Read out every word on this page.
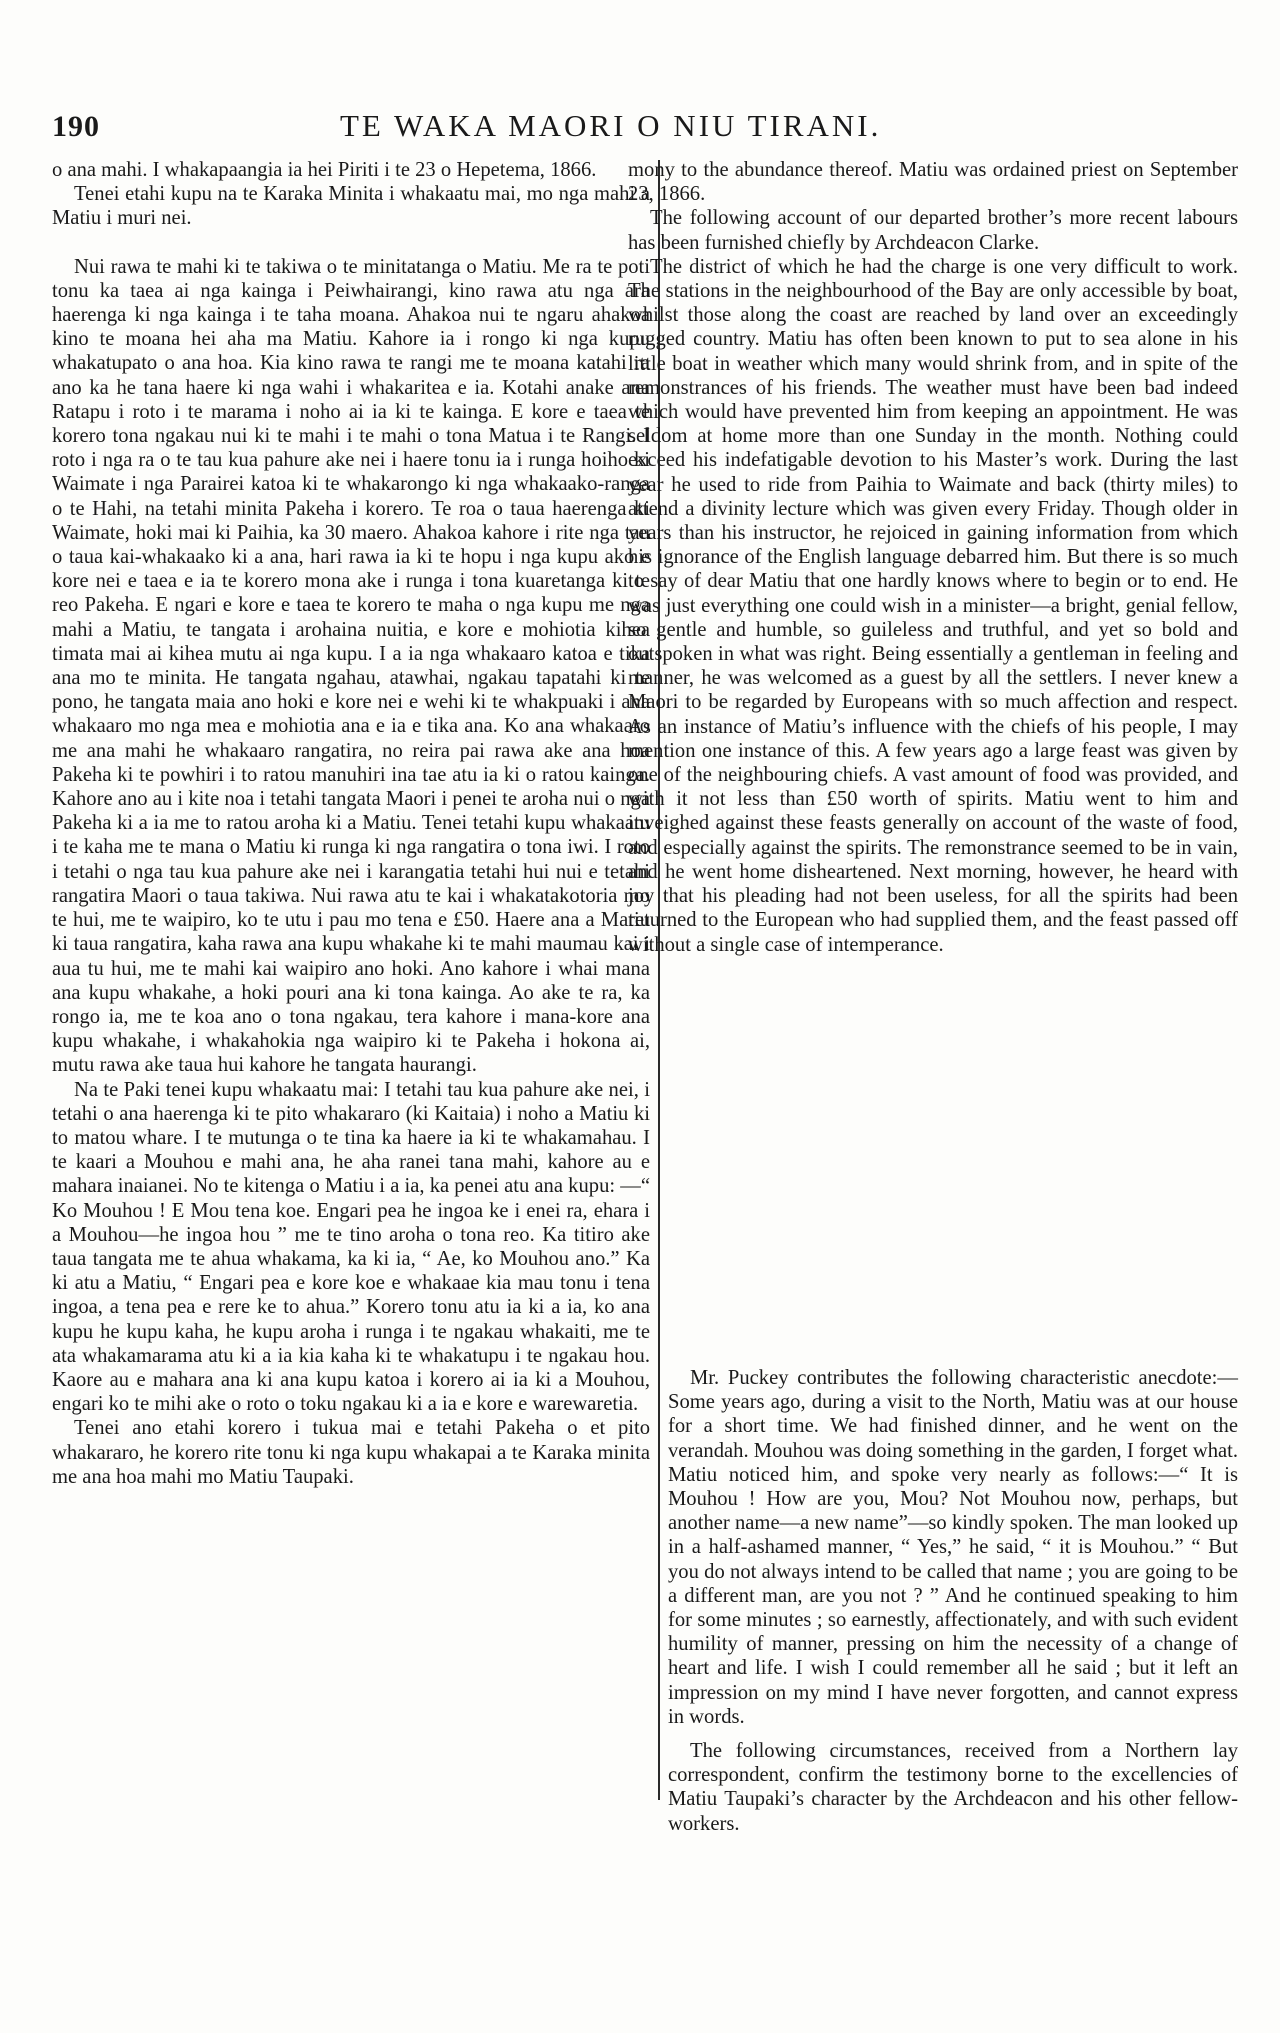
190	TE WAKA MAORI O NIU TIRANI.

o ana mahi. I whakapaangia ia hei Piriti i te 23 o Hepetema, 1866.

Tenei etahi kupu na te Karaka Minita i whakaatu mai, mo nga mahi a Matiu i muri nei.

Nui rawa te mahi ki te takiwa o te minitatanga o Matiu. Me ra te poti tonu ka taea ai nga kainga i Peiwhairangi, kino rawa atu nga ara haerenga ki nga kainga i te taha moana. Ahakoa nui te ngaru ahakoa kino te moana hei aha ma Matiu. Kahore ia i rongo ki nga kupu whakatupato o ana hoa. Kia kino rawa te rangi me te moana katahi ra ano ka he tana haere ki nga wahi i whakaritea e ia. Kotahi anake ana Ratapu i roto i te marama i noho ai ia ki te kainga. E kore e taea te korero tona ngakau nui ki te mahi i te mahi o tona Matua i te Rangi. I roto i nga ra o te tau kua pahure ake nei i haere tonu ia i runga hoiho ki Waimate i nga Parairei katoa ki te whakarongo ki nga whakaako-ranga o te Hahi, na tetahi minita Pakeha i korero. Te roa o taua haerenga ki Waimate, hoki mai ki Paihia, ka 30 maero. Ahakoa kahore i rite nga tau o taua kai-whakaako ki a ana, hari rawa ia ki te hopu i nga kupu ako e kore nei e taea e ia te korero mona ake i runga i tona kuaretanga ki te reo Pakeha. E ngari e kore e taea te korero te maha o nga kupu me nga mahi a Matiu, te tangata i arohaina nuitia, e kore e mohiotia kihea timata mai ai kihea mutu ai nga kupu. I a ia nga whakaaro katoa e tika ana mo te minita. He tangata ngahau, atawhai, ngakau tapatahi ki te pono, he tangata maia ano hoki e kore nei e wehi ki te whakpuaki i ana whakaaro mo nga mea e mohiotia ana e ia e tika ana. Ko ana whakaaro me ana mahi he whakaaro rangatira, no reira pai rawa ake ana hoa Pakeha ki te powhiri i to ratou manuhiri ina tae atu ia ki o ratou kainga. Kahore ano au i kite noa i tetahi tangata Maori i penei te aroha nui o nga Pakeha ki a ia me to ratou aroha ki a Matiu. Tenei tetahi kupu whakaatu i te kaha me te mana o Matiu ki runga ki nga rangatira o tona iwi. I roto i tetahi o nga tau kua pahure ake nei i karangatia tetahi hui nui e tetahi rangatira Maori o taua takiwa. Nui rawa atu te kai i whakatakotoria mo te hui, me te waipiro, ko te utu i pau mo tena e £50. Haere ana a Matiu ki taua rangatira, kaha rawa ana kupu whakahe ki te mahi maumau kai i aua tu hui, me te mahi kai waipiro ano hoki. Ano kahore i whai mana ana kupu whakahe, a hoki pouri ana ki tona kainga. Ao ake te ra, ka rongo ia, me te koa ano o tona ngakau, tera kahore i mana-kore ana kupu whakahe, i whakahokia nga waipiro ki te Pakeha i hokona ai, mutu rawa ake taua hui kahore he tangata haurangi.

Na te Paki tenei kupu whakaatu mai: I tetahi tau kua pahure ake nei, i tetahi o ana haerenga ki te pito whakararo (ki Kaitaia) i noho a Matiu ki to matou whare. I te mutunga o te tina ka haere ia ki te whakamahau. I te kaari a Mouhou e mahi ana, he aha ranei tana mahi, kahore au e mahara inaianei. No te kitenga o Matiu i a ia, ka penei atu ana kupu: —“ Ko Mouhou ! E Mou tena koe. Engari pea he ingoa ke i enei ra, ehara i a Mouhou—he ingoa hou ” me te tino aroha o tona reo. Ka titiro ake taua tangata me te ahua whakama, ka ki ia, “ Ae, ko Mouhou ano.” Ka ki atu a Matiu, “ Engari pea e kore koe e whakaae kia mau tonu i tena ingoa, a tena pea e rere ke to ahua.” Korero tonu atu ia ki a ia, ko ana kupu he kupu kaha, he kupu aroha i runga i te ngakau whakaiti, me te ata whakamarama atu ki a ia kia kaha ki te whakatupu i te ngakau hou. Kaore au e mahara ana ki ana kupu katoa i korero ai ia ki a Mouhou, engari ko te mihi ake o roto o toku ngakau ki a ia e kore e warewaretia.

Tenei ano etahi korero i tukua mai e tetahi Pakeha o et pito whakararo, he korero rite tonu ki nga kupu whakapai a te Karaka minita me ana hoa mahi mo Matiu Taupaki.

mony to the abundance thereof. Matiu was ordained priest on September 23, 1866.

The following account of our departed brother’s more recent labours has been furnished chiefly by Archdeacon Clarke.

The district of which he had the charge is one very difficult to work. The stations in the neighbourhood of the Bay are only accessible by boat, whilst those along the coast are reached by land over an exceedingly rugged country. Matiu has often been known to put to sea alone in his little boat in weather which many would shrink from, and in spite of the remonstrances of his friends. The weather must have been bad indeed which would have prevented him from keeping an appointment. He was seldom at home more than one Sunday in the month. Nothing could exceed his indefatigable devotion to his Master’s work. During the last year he used to ride from Paihia to Waimate and back (thirty miles) to attend a divinity lecture which was given every Friday. Though older in years than his instructor, he rejoiced in gaining information from which his ignorance of the English language debarred him. But there is so much to say of dear Matiu that one hardly knows where to begin or to end. He was just everything one could wish in a minister—a bright, genial fellow, so gentle and humble, so guileless and truthful, and yet so bold and outspoken in what was right. Being essentially a gentleman in feeling and manner, he was welcomed as a guest by all the settlers. I never knew a Maori to be regarded by Europeans with so much affection and respect. As an instance of Matiu’s influence with the chiefs of his people, I may mention one instance of this. A few years ago a large feast was given by one of the neighbouring chiefs. A vast amount of food was provided, and with it not less than £50 worth of spirits. Matiu went to him and inveighed against these feasts generally on account of the waste of food, and especially against the spirits. The remonstrance seemed to be in vain, and he went home disheartened. Next morning, however, he heard with joy that his pleading had not been useless, for all the spirits had been returned to the European who had supplied them, and the feast passed off without a single case of intemperance.

Mr. Puckey contributes the following characteristic anecdote:—Some years ago, during a visit to the North, Matiu was at our house for a short time. We had finished dinner, and he went on the verandah. Mouhou was doing something in the garden, I forget what. Matiu noticed him, and spoke very nearly as follows:—“ It is Mouhou ! How are you, Mou? Not Mouhou now, perhaps, but another name—a new name”—so kindly spoken. The man looked up in a half-ashamed manner, “ Yes,” he said, “ it is Mouhou.” “ But you do not always intend to be called that name ; you are going to be a different man, are you not ? ” And he continued speaking to him for some minutes ; so earnestly, affectionately, and with such evident humility of manner, pressing on him the necessity of a change of heart and life. I wish I could remember all he said ; but it left an impression on my mind I have never forgotten, and cannot express in words.

The following circumstances, received from a Northern lay correspondent, confirm the testimony borne to the excellencies of Matiu Taupaki’s character by the Archdeacon and his other fellow-workers.
